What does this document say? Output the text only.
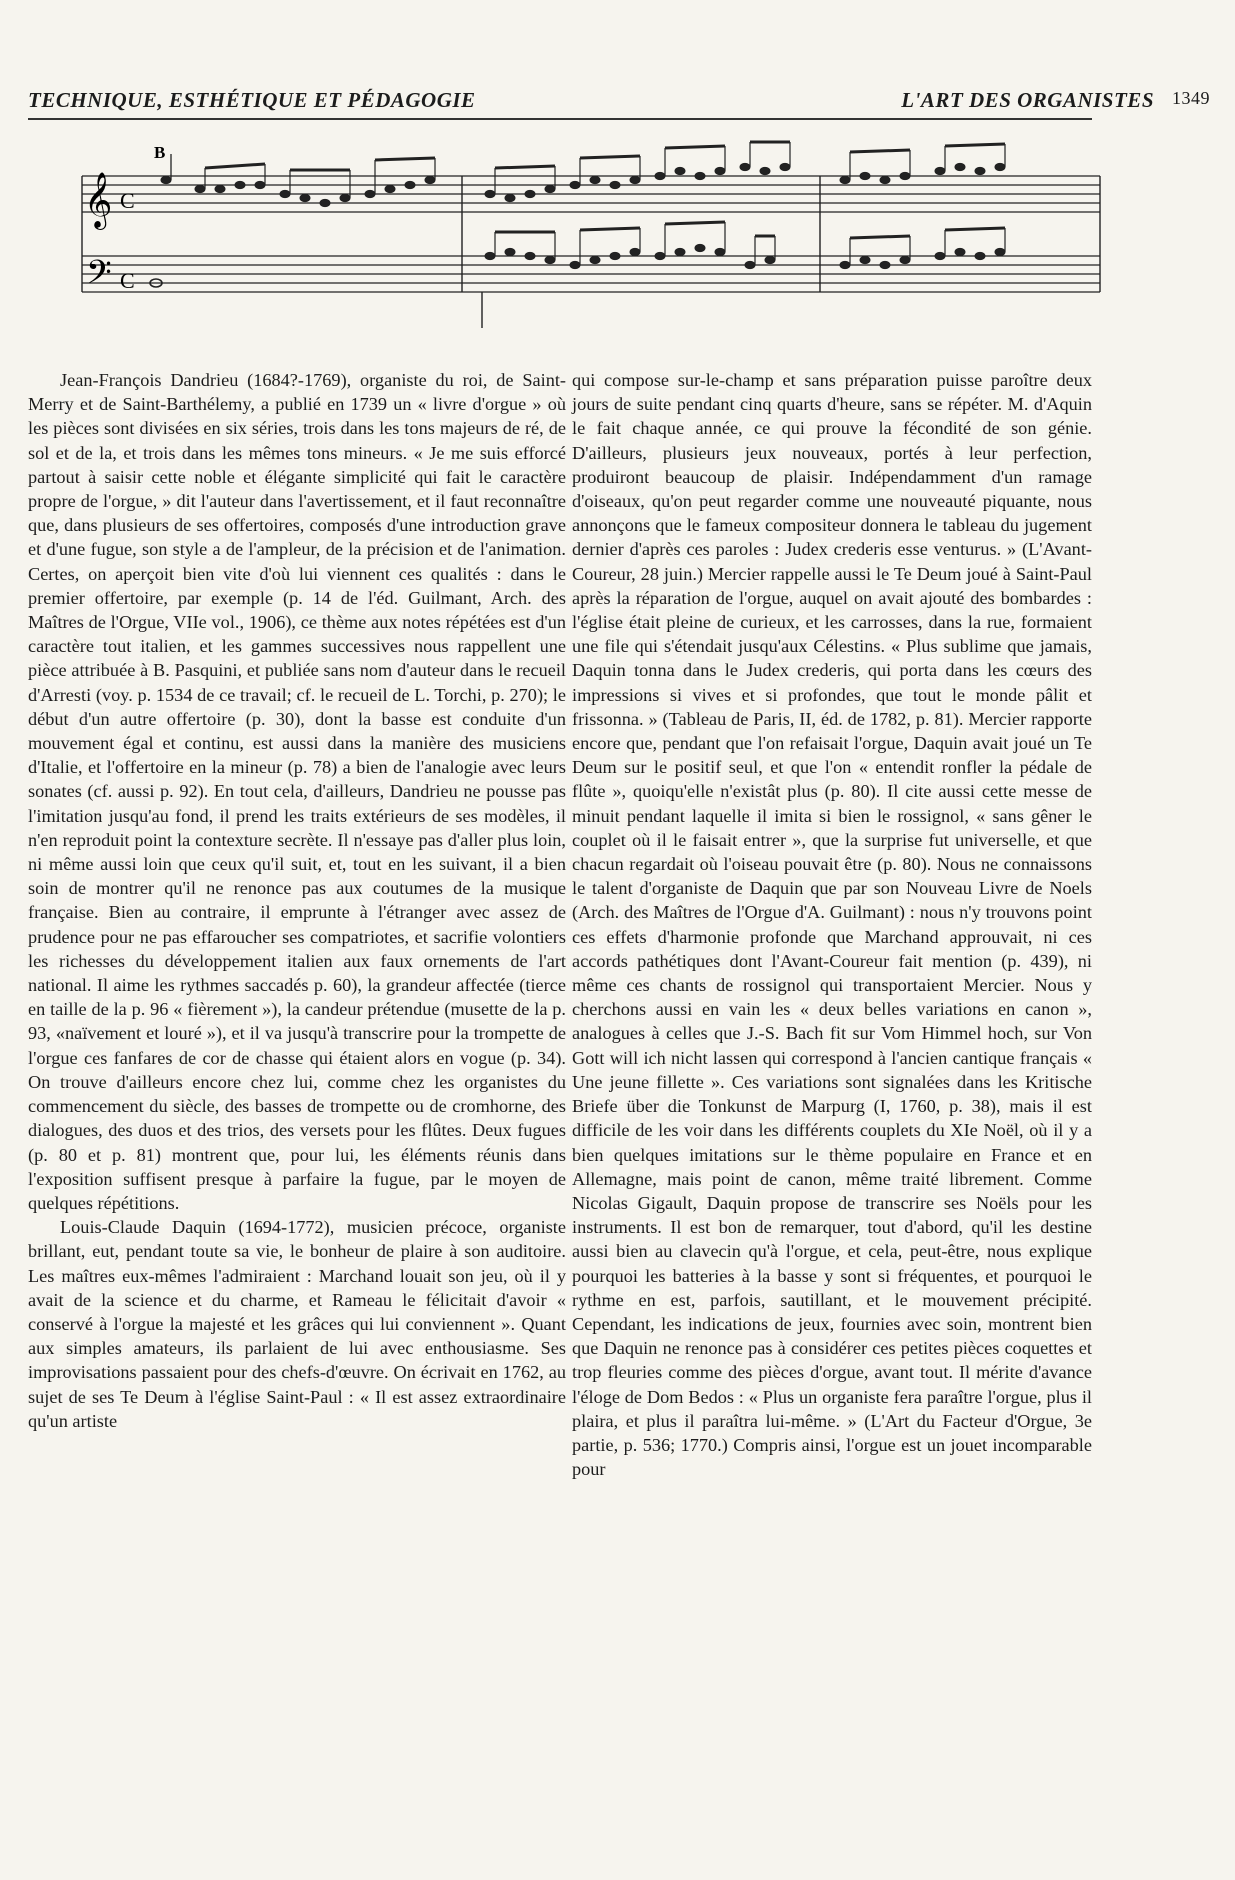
TECHNIQUE, ESTHÉTIQUE ET PÉDAGOGIE	L'ART DES ORGANISTES 1349
B
𝄞
𝄢
C
C

Jean-François Dandrieu (1684?-1769), organiste du roi, de Saint-Merry et de Saint-Barthélemy, a publié en 1739 un « livre d'orgue » où les pièces sont divisées en six séries, trois dans les tons majeurs de ré, de sol et de la, et trois dans les mêmes tons mineurs. « Je me suis efforcé partout à saisir cette noble et élégante simplicité qui fait le caractère propre de l'orgue, » dit l'auteur dans l'avertissement, et il faut reconnaître que, dans plusieurs de ses offertoires, composés d'une introduction grave et d'une fugue, son style a de l'ampleur, de la précision et de l'animation. Certes, on aperçoit bien vite d'où lui viennent ces qualités : dans le premier offertoire, par exemple (p. 14 de l'éd. Guilmant, Arch. des Maîtres de l'Orgue, VIIe vol., 1906), ce thème aux notes répétées est d'un caractère tout italien, et les gammes successives nous rappellent une pièce attribuée à B. Pasquini, et publiée sans nom d'auteur dans le recueil d'Arresti (voy. p. 1534 de ce travail; cf. le recueil de L. Torchi, p. 270); le début d'un autre offertoire (p. 30), dont la basse est conduite d'un mouvement égal et continu, est aussi dans la manière des musiciens d'Italie, et l'offertoire en la mineur (p. 78) a bien de l'analogie avec leurs sonates (cf. aussi p. 92). En tout cela, d'ailleurs, Dandrieu ne pousse pas l'imitation jusqu'au fond, il prend les traits extérieurs de ses modèles, il n'en reproduit point la contexture secrète. Il n'essaye pas d'aller plus loin, ni même aussi loin que ceux qu'il suit, et, tout en les suivant, il a bien soin de montrer qu'il ne renonce pas aux coutumes de la musique française. Bien au contraire, il emprunte à l'étranger avec assez de prudence pour ne pas effaroucher ses compatriotes, et sacrifie volontiers les richesses du développement italien aux faux ornements de l'art national. Il aime les rythmes saccadés p. 60), la grandeur affectée (tierce en taille de la p. 96 « fièrement »), la candeur prétendue (musette de la p. 93, «naïvement et louré »), et il va jusqu'à transcrire pour la trompette de l'orgue ces fanfares de cor de chasse qui étaient alors en vogue (p. 34). On trouve d'ailleurs encore chez lui, comme chez les organistes du commencement du siècle, des basses de trompette ou de cromhorne, des dialogues, des duos et des trios, des versets pour les flûtes. Deux fugues (p. 80 et p. 81) montrent que, pour lui, les éléments réunis dans l'exposition suffisent presque à parfaire la fugue, par le moyen de quelques répétitions.

Louis-Claude Daquin (1694-1772), musicien précoce, organiste brillant, eut, pendant toute sa vie, le bonheur de plaire à son auditoire. Les maîtres eux-mêmes l'admiraient : Marchand louait son jeu, où il y avait de la science et du charme, et Rameau le félicitait d'avoir « conservé à l'orgue la majesté et les grâces qui lui conviennent ». Quant aux simples amateurs, ils parlaient de lui avec enthousiasme. Ses improvisations passaient pour des chefs-d'œuvre. On écrivait en 1762, au sujet de ses Te Deum à l'église Saint-Paul : « Il est assez extraordinaire qu'un artiste

qui compose sur-le-champ et sans préparation puisse paroître deux jours de suite pendant cinq quarts d'heure, sans se répéter. M. d'Aquin le fait chaque année, ce qui prouve la fécondité de son génie. D'ailleurs, plusieurs jeux nouveaux, portés à leur perfection, produiront beaucoup de plaisir. Indépendamment d'un ramage d'oiseaux, qu'on peut regarder comme une nouveauté piquante, nous annonçons que le fameux compositeur donnera le tableau du jugement dernier d'après ces paroles : Judex crederis esse venturus. » (L'Avant-Coureur, 28 juin.) Mercier rappelle aussi le Te Deum joué à Saint-Paul après la réparation de l'orgue, auquel on avait ajouté des bombardes : l'église était pleine de curieux, et les carrosses, dans la rue, formaient une file qui s'étendait jusqu'aux Célestins. « Plus sublime que jamais, Daquin tonna dans le Judex crederis, qui porta dans les cœurs des impressions si vives et si profondes, que tout le monde pâlit et frissonna. » (Tableau de Paris, II, éd. de 1782, p. 81). Mercier rapporte encore que, pendant que l'on refaisait l'orgue, Daquin avait joué un Te Deum sur le positif seul, et que l'on « entendit ronfler la pédale de flûte », quoiqu'elle n'existât plus (p. 80). Il cite aussi cette messe de minuit pendant laquelle il imita si bien le rossignol, « sans gêner le couplet où il le faisait entrer », que la surprise fut universelle, et que chacun regardait où l'oiseau pouvait être (p. 80). Nous ne connaissons le talent d'organiste de Daquin que par son Nouveau Livre de Noels (Arch. des Maîtres de l'Orgue d'A. Guilmant) : nous n'y trouvons point ces effets d'harmonie profonde que Marchand approuvait, ni ces accords pathétiques dont l'Avant-Coureur fait mention (p. 439), ni même ces chants de rossignol qui transportaient Mercier. Nous y cherchons aussi en vain les « deux belles variations en canon », analogues à celles que J.-S. Bach fit sur Vom Himmel hoch, sur Von Gott will ich nicht lassen qui correspond à l'ancien cantique français « Une jeune fillette ». Ces variations sont signalées dans les Kritische Briefe über die Tonkunst de Marpurg (I, 1760, p. 38), mais il est difficile de les voir dans les différents couplets du XIe Noël, où il y a bien quelques imitations sur le thème populaire en France et en Allemagne, mais point de canon, même traité librement. Comme Nicolas Gigault, Daquin propose de transcrire ses Noëls pour les instruments. Il est bon de remarquer, tout d'abord, qu'il les destine aussi bien au clavecin qu'à l'orgue, et cela, peut-être, nous explique pourquoi les batteries à la basse y sont si fréquentes, et pourquoi le rythme en est, parfois, sautillant, et le mouvement précipité. Cependant, les indications de jeux, fournies avec soin, montrent bien que Daquin ne renonce pas à considérer ces petites pièces coquettes et trop fleuries comme des pièces d'orgue, avant tout. Il mérite d'avance l'éloge de Dom Bedos : « Plus un organiste fera paraître l'orgue, plus il plaira, et plus il paraîtra lui-même. » (L'Art du Facteur d'Orgue, 3e partie, p. 536; 1770.) Compris ainsi, l'orgue est un jouet incomparable pour
